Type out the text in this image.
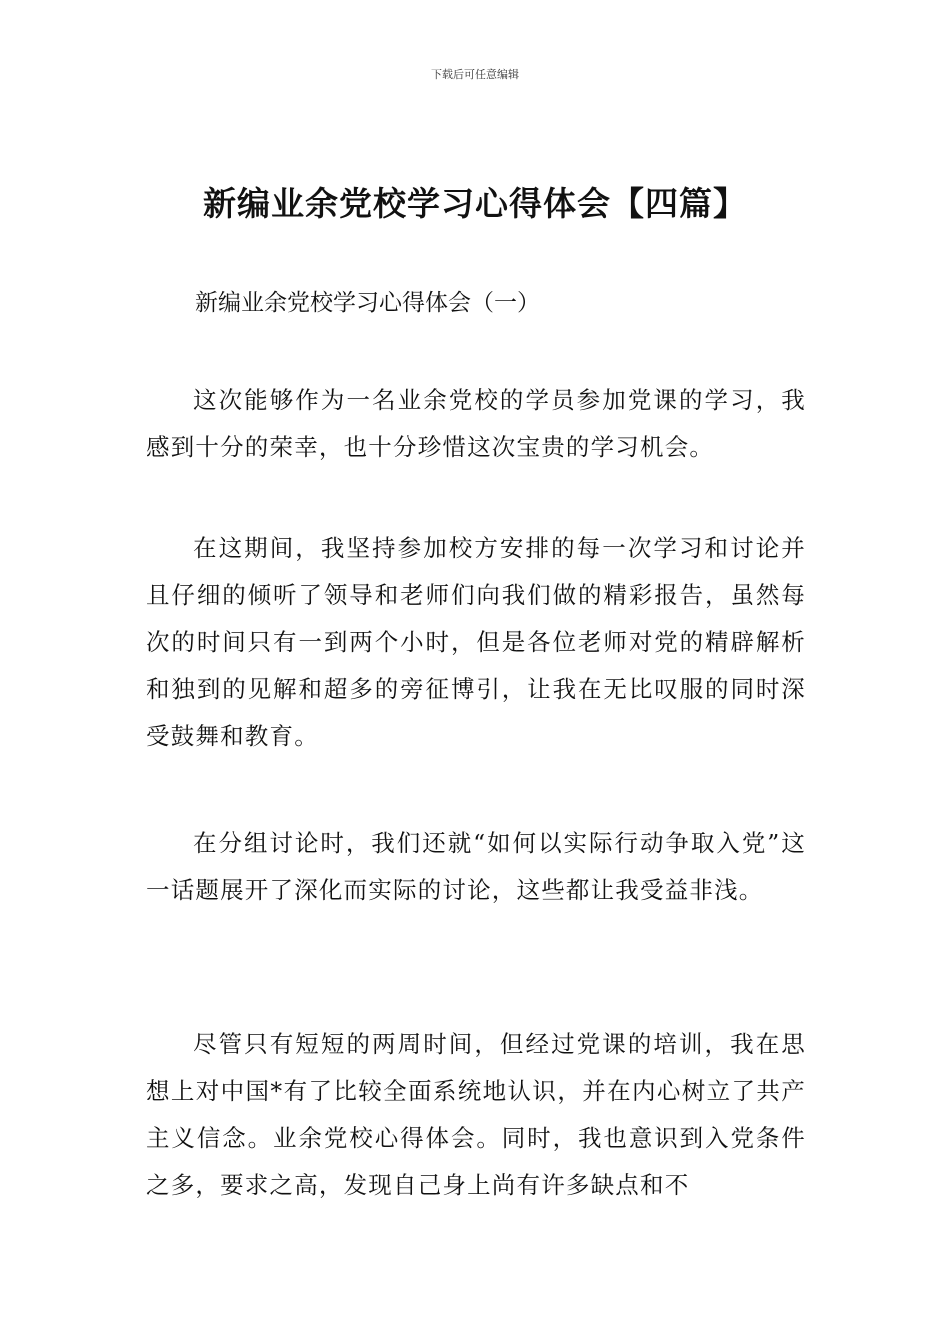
下载后可任意编辑
新编业余党校学习心得体会【四篇】
新编业余党校学习心得体会（一）

这次能够作为一名业余党校的学员参加党课的学习，我感到十分的荣幸，也十分珍惜这次宝贵的学习机会。

在这期间，我坚持参加校方安排的每一次学习和讨论并且仔细的倾听了领导和老师们向我们做的精彩报告，虽然每次的时间只有一到两个小时，但是各位老师对党的精辟解析和独到的见解和超多的旁征博引，让我在无比叹服的同时深受鼓舞和教育。

在分组讨论时，我们还就“如何以实际行动争取入党”这一话题展开了深化而实际的讨论，这些都让我受益非浅。

尽管只有短短的两周时间，但经过党课的培训，我在思想上对中国*有了比较全面系统地认识，并在内心树立了共产主义信念。业余党校心得体会。同时，我也意识到入党条件之多，要求之高，发现自己身上尚有许多缺点和不
